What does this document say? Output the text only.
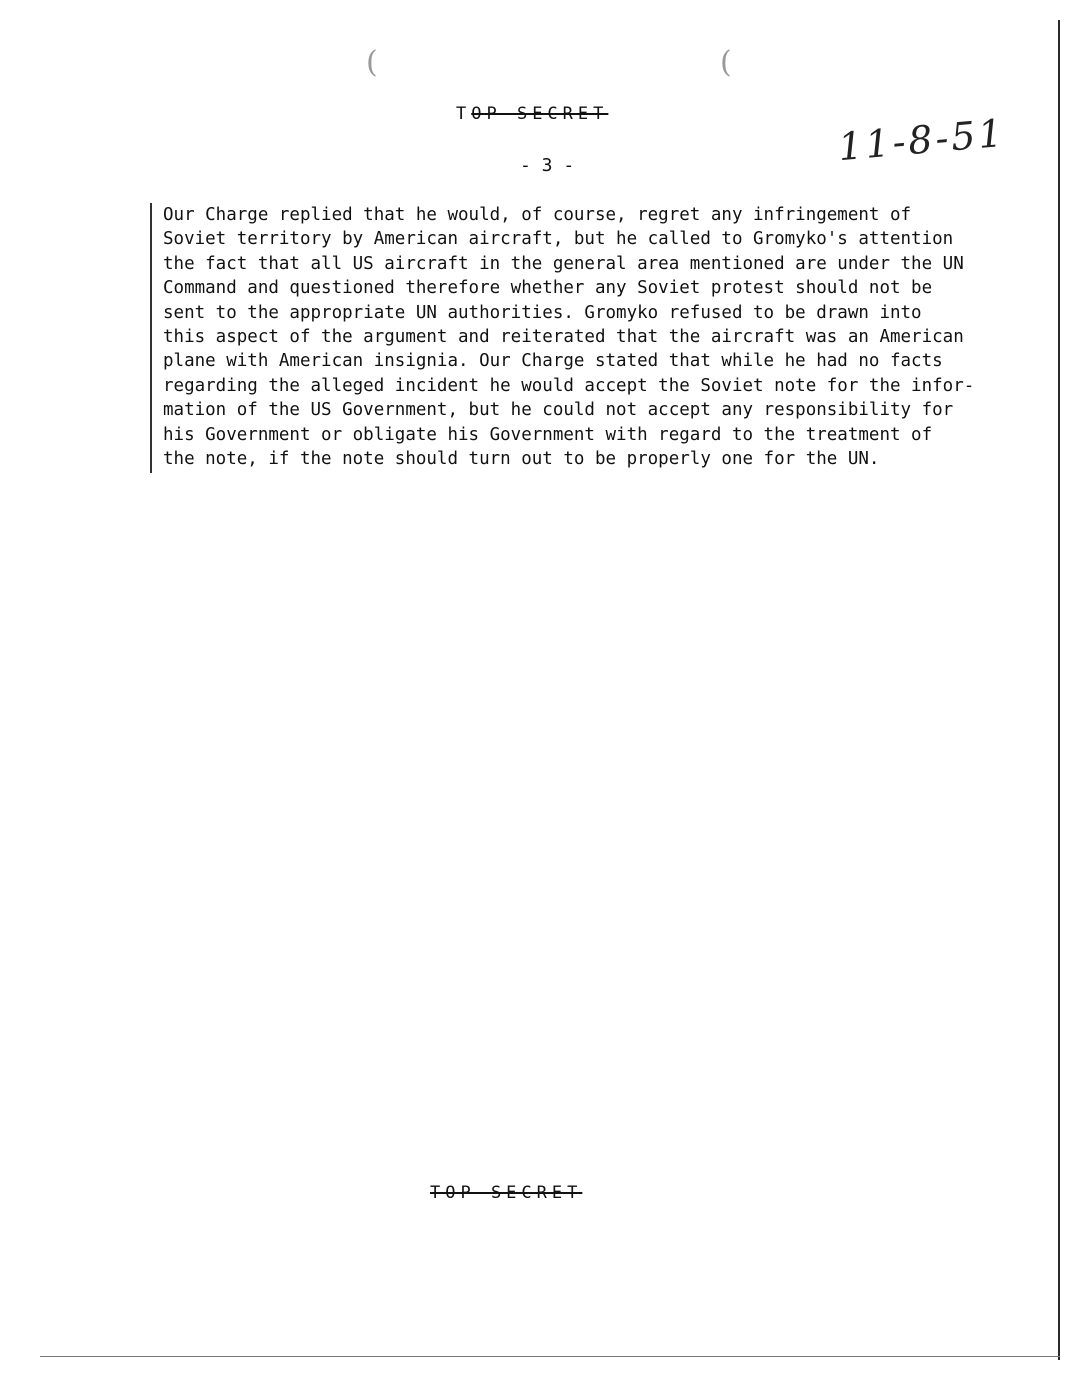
(	(
TOP SECRET	11-8-51
- 3 -
Our Charge replied that he would, of course, regret any infringement of
Soviet territory by American aircraft, but he called to Gromyko's attention
the fact that all US aircraft in the general area mentioned are under the UN
Command and questioned therefore whether any Soviet protest should not be
sent to the appropriate UN authorities. Gromyko refused to be drawn into
this aspect of the argument and reiterated that the aircraft was an American
plane with American insignia. Our Charge stated that while he had no facts
regarding the alleged incident he would accept the Soviet note for the infor-
mation of the US Government, but he could not accept any responsibility for
his Government or obligate his Government with regard to the treatment of
the note, if the note should turn out to be properly one for the UN.
TOP SECRET
